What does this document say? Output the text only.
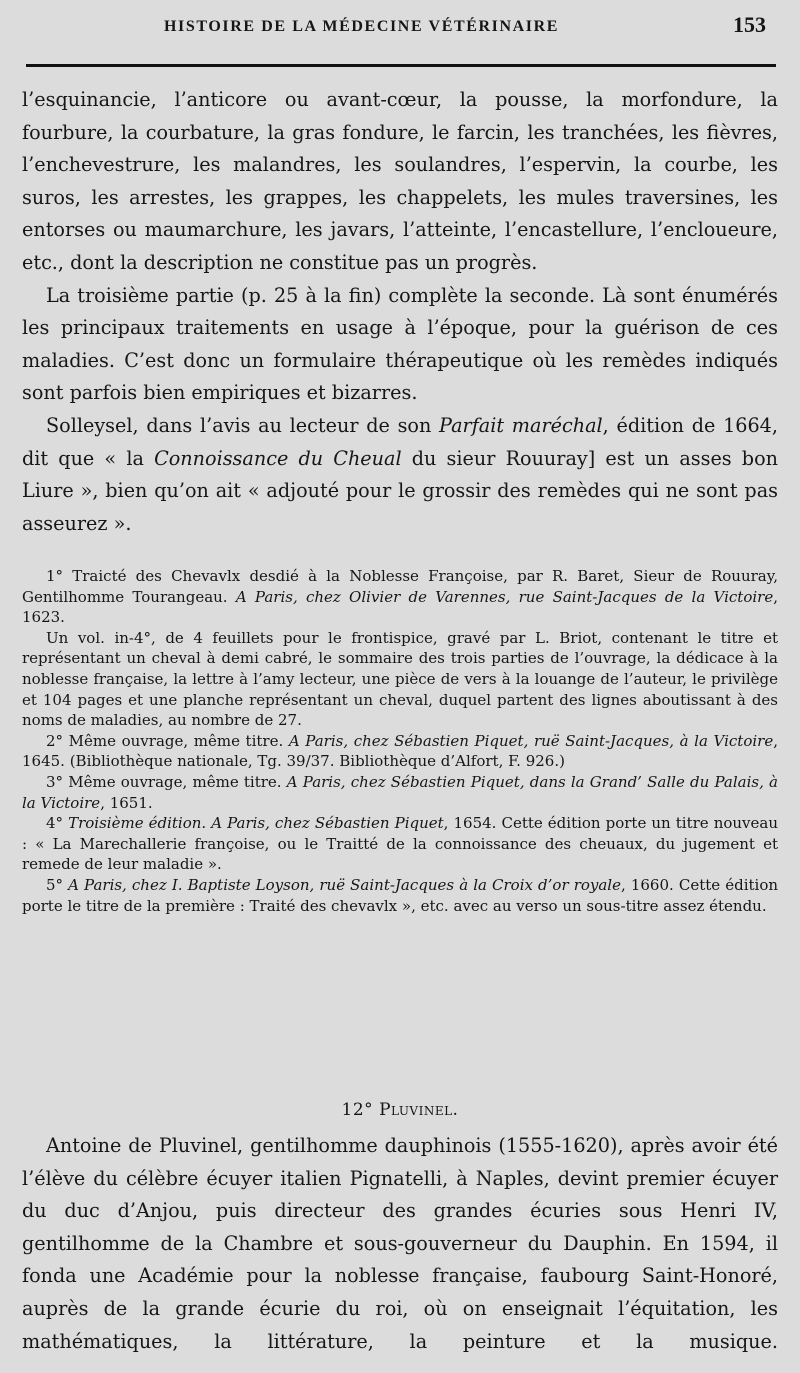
HISTOIRE DE LA MÉDECINE VÉTÉRINAIRE	153

l’esquinancie, l’anticore ou avant-cœur, la pousse, la morfondure, la fourbure, la courbature, la gras fondure, le farcin, les tranchées, les fièvres, l’enchevestrure, les malandres, les soulandres, l’espervin, la courbe, les suros, les arrestes, les grappes, les chappelets, les mules traversines, les entorses ou maumarchure, les javars, l’atteinte, l’encastellure, l’encloueure, etc., dont la description ne constitue pas un progrès.

La troisième partie (p. 25 à la fin) complète la seconde. Là sont énumérés les principaux traitements en usage à l’époque, pour la guérison de ces maladies. C’est donc un formulaire thérapeutique où les remèdes indiqués sont parfois bien empiriques et bizarres.

Solleysel, dans l’avis au lecteur de son Parfait maréchal, édition de 1664, dit que « la Connoissance du Cheual du sieur Rouuray] est un asses bon Liure », bien qu’on ait « adjouté pour le grossir des remèdes qui ne sont pas asseurez ».

1° Traicté des Chevavlx desdié à la Noblesse Françoise, par R. Baret, Sieur de Rouuray, Gentilhomme Tourangeau. A Paris, chez Olivier de Varennes, rue Saint-Jacques de la Victoire, 1623.

Un vol. in-4°, de 4 feuillets pour le frontispice, gravé par L. Briot, contenant le titre et représentant un cheval à demi cabré, le sommaire des trois parties de l’ouvrage, la dédicace à la noblesse française, la lettre à l’amy lecteur, une pièce de vers à la louange de l’auteur, le privilège et 104 pages et une planche représentant un cheval, duquel partent des lignes aboutissant à des noms de maladies, au nombre de 27.

2° Même ouvrage, même titre. A Paris, chez Sébastien Piquet, ruë Saint-Jacques, à la Victoire, 1645. (Bibliothèque nationale, Tg. 39/37. Bibliothèque d’Alfort, F. 926.)

3° Même ouvrage, même titre. A Paris, chez Sébastien Piquet, dans la Grand’ Salle du Palais, à la Victoire, 1651.

4° Troisième édition. A Paris, chez Sébastien Piquet, 1654. Cette édition porte un titre nouveau : « La Marechallerie françoise, ou le Traitté de la connoissance des cheuaux, du jugement et remede de leur maladie ».

5° A Paris, chez I. Baptiste Loyson, ruë Saint-Jacques à la Croix d’or royale, 1660. Cette édition porte le titre de la première : Traité des chevavlx », etc. avec au verso un sous-titre assez étendu.

12° Pluvinel.

Antoine de Pluvinel, gentilhomme dauphinois (1555-1620), après avoir été l’élève du célèbre écuyer italien Pignatelli, à Naples, devint premier écuyer du duc d’Anjou, puis directeur des grandes écuries sous Henri IV, gentilhomme de la Chambre et sous-gouverneur du Dauphin. En 1594, il fonda une Académie pour la noblesse française, faubourg Saint-Honoré, auprès de la grande écurie du roi, où on enseignait l’équitation, les mathématiques, la littérature, la peinture et la musique.
